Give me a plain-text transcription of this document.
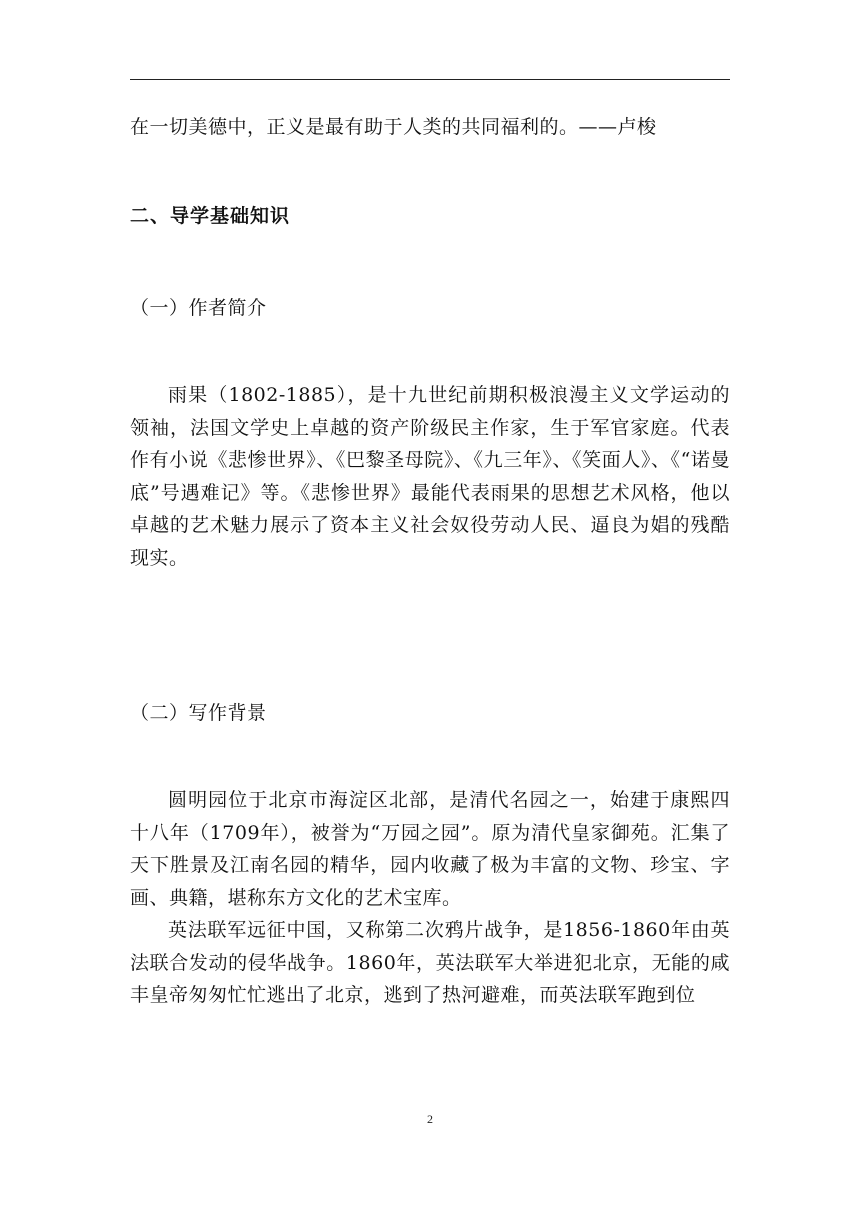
在一切美德中，正义是最有助于人类的共同福利的。——卢梭
二、导学基础知识
（一）作者简介
雨果（1802-1885），是十九世纪前期积极浪漫主义文学运动的领袖，法国文学史上卓越的资产阶级民主作家，生于军官家庭。代表作有小说《悲惨世界》、《巴黎圣母院》、《九三年》、《笑面人》、《“诺曼底”号遇难记》等。《悲惨世界》最能代表雨果的思想艺术风格，他以卓越的艺术魅力展示了资本主义社会奴役劳动人民、逼良为娼的残酷现实。
（二）写作背景
圆明园位于北京市海淀区北部，是清代名园之一，始建于康熙四十八年（1709年），被誉为“万园之园”。原为清代皇家御苑。汇集了天下胜景及江南名园的精华，园内收藏了极为丰富的文物、珍宝、字画、典籍，堪称东方文化的艺术宝库。
英法联军远征中国，又称第二次鸦片战争，是1856-1860年由英法联合发动的侵华战争。1860年，英法联军大举进犯北京，无能的咸丰皇帝匆匆忙忙逃出了北京，逃到了热河避难，而英法联军跑到位
2
